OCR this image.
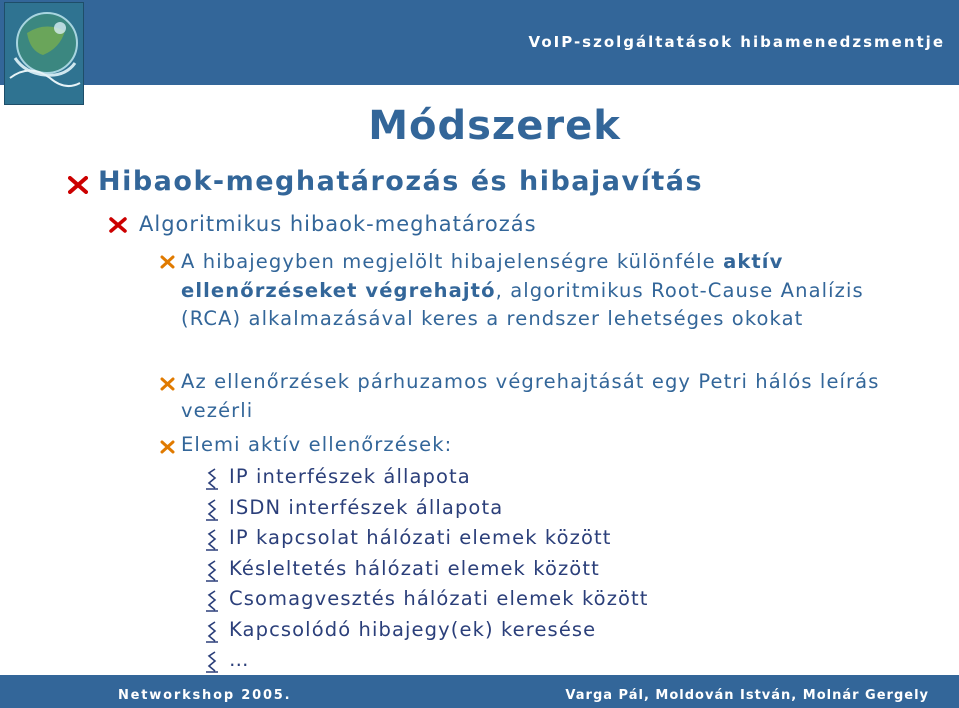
VoIP-szolgáltatások hibamenedzsmentje
Módszerek
Hibaok-meghatározás és hibajavítás
Algoritmikus hibaok-meghatározás
A hibajegyben megjelölt hibajelenségre különféle aktív ellenőrzéseket végrehajtó, algoritmikus Root-Cause Analízis (RCA) alkalmazásával keres a rendszer lehetséges okokat
Az ellenőrzések párhuzamos végrehajtását egy Petri hálós leírás vezérli
Elemi aktív ellenőrzések:
IP interfészek állapota
ISDN interfészek állapota
IP kapcsolat hálózati elemek között
Késleltetés hálózati elemek között
Csomagvesztés hálózati elemek között
Kapcsolódó hibajegy(ek) keresése
…
Networkshop 2005.	Varga Pál, Moldován István, Molnár Gergely
